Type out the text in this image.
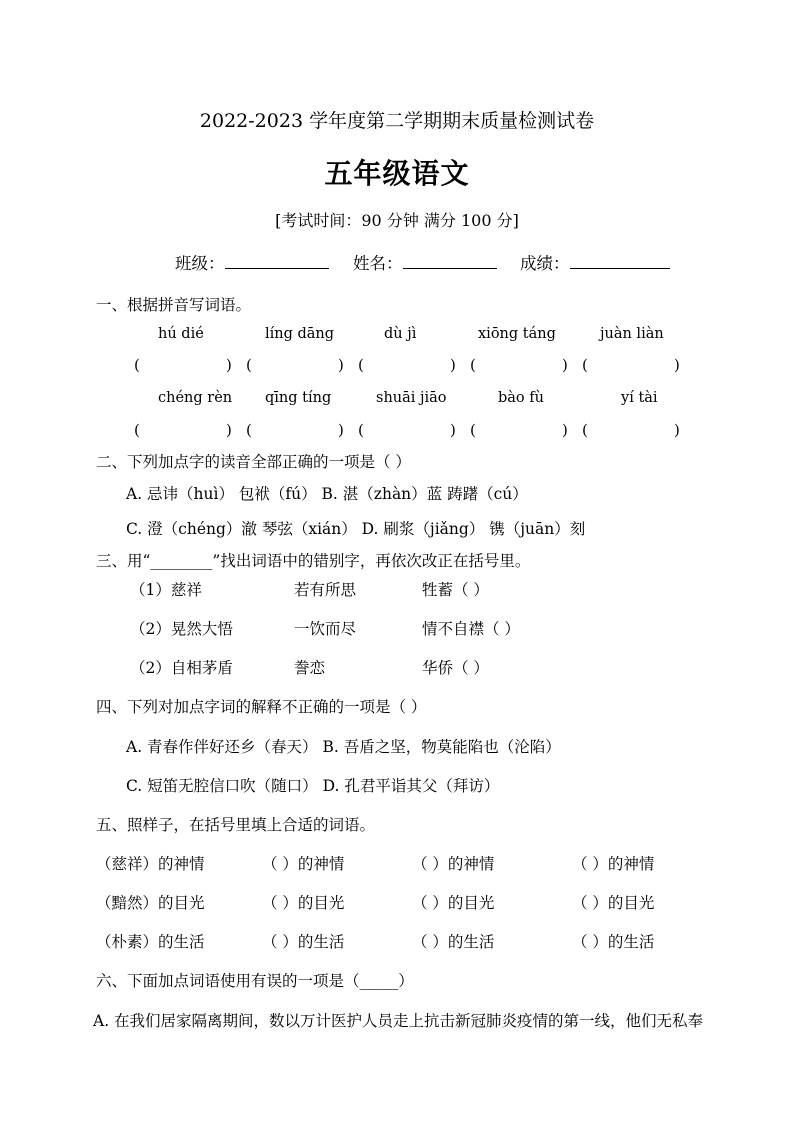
2022-2023 学年度第二学期期末质量检测试卷
五年级语文
[考试时间：90 分钟 满分 100 分]
班级：	姓名：	成绩：
一、根据拼音写词语。
hú dié	líng dāng	dù jì	xiōng táng	juàn liàn
(	) (	) (	) (	) (	)
chéng rèn qīng tíng	shuāi jiāo	bào fù	yí tài
(	) (	) (	) (	) (	)
二、下列加点字的读音全部正确的一项是（ ）
A. 忌讳（huì） 包袱（fú） B. 湛（zhàn）蓝 踌躇（cú）
C. 澄（chéng）澈 琴弦（xián） D. 刷浆（jiǎng） 镌（juān）刻
三、用“________”找出词语中的错别字，再依次改正在括号里。
（1）慈祥	若有所思	牲蓄（ ）
（2）晃然大悟	一饮而尽	情不自襟（ ）
（2）自相茅盾	誊恋	华侨（ ）
四、下列对加点字词的解释不正确的一项是（ ）
A. 青春作伴好还乡（春天） B. 吾盾之坚，物莫能陷也（沦陷）
C. 短笛无腔信口吹（随口） D. 孔君平诣其父（拜访）
五、照样子，在括号里填上合适的词语。
（慈祥）的神情	（ ）的神情	（ ）的神情	（ ）的神情
（黯然）的目光	（ ）的目光	（ ）的目光	（ ）的目光
（朴素）的生活	（ ）的生活	（ ）的生活	（ ）的生活
六、下面加点词语使用有误的一项是（_____）
A. 在我们居家隔离期间，数以万计医护人员走上抗击新冠肺炎疫情的第一线，他们无私奉
